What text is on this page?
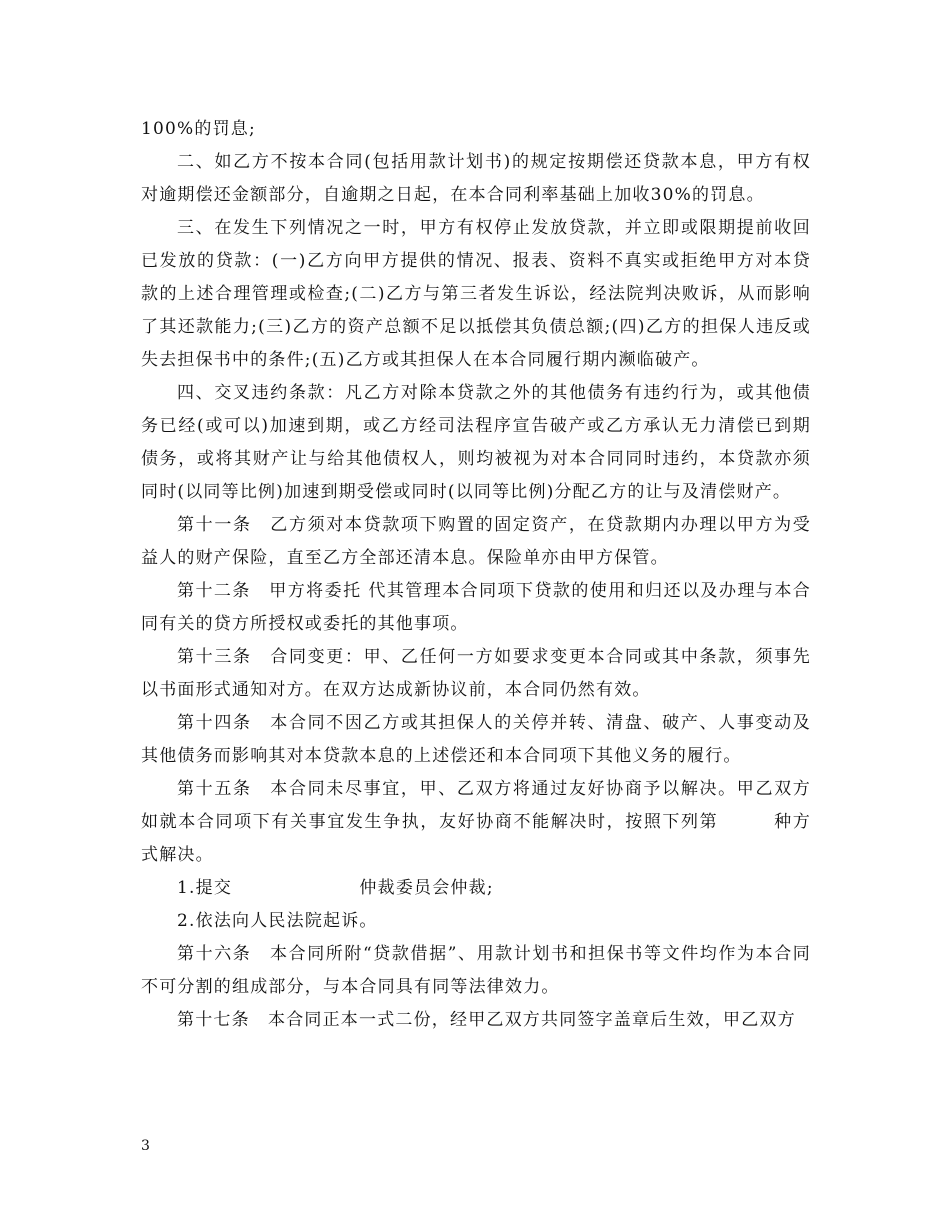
100%的罚息;

二、如乙方不按本合同(包括用款计划书)的规定按期偿还贷款本息，甲方有权对逾期偿还金额部分，自逾期之日起，在本合同利率基础上加收30%的罚息。

三、在发生下列情况之一时，甲方有权停止发放贷款，并立即或限期提前收回已发放的贷款：(一)乙方向甲方提供的情况、报表、资料不真实或拒绝甲方对本贷款的上述合理管理或检查;(二)乙方与第三者发生诉讼，经法院判决败诉，从而影响了其还款能力;(三)乙方的资产总额不足以抵偿其负债总额;(四)乙方的担保人违反或失去担保书中的条件;(五)乙方或其担保人在本合同履行期内濒临破产。

四、交叉违约条款：凡乙方对除本贷款之外的其他债务有违约行为，或其他债务已经(或可以)加速到期，或乙方经司法程序宣告破产或乙方承认无力清偿已到期债务，或将其财产让与给其他债权人，则均被视为对本合同同时违约，本贷款亦须同时(以同等比例)加速到期受偿或同时(以同等比例)分配乙方的让与及清偿财产。

第十一条　乙方须对本贷款项下购置的固定资产，在贷款期内办理以甲方为受益人的财产保险，直至乙方全部还清本息。保险单亦由甲方保管。

第十二条　甲方将委托 代其管理本合同项下贷款的使用和归还以及办理与本合同有关的贷方所授权或委托的其他事项。

第十三条　合同变更：甲、乙任何一方如要求变更本合同或其中条款，须事先以书面形式通知对方。在双方达成新协议前，本合同仍然有效。

第十四条　本合同不因乙方或其担保人的关停并转、清盘、破产、人事变动及其他债务而影响其对本贷款本息的上述偿还和本合同项下其他义务的履行。

第十五条　本合同未尽事宜，甲、乙双方将通过友好协商予以解决。甲乙双方如就本合同项下有关事宜发生争执，友好协商不能解决时，按照下列第　　　种方式解决。

1.提交　　　　　　　仲裁委员会仲裁;

2.依法向人民法院起诉。

第十六条　本合同所附“贷款借据”、用款计划书和担保书等文件均作为本合同不可分割的组成部分，与本合同具有同等法律效力。

第十七条　本合同正本一式二份，经甲乙双方共同签字盖章后生效，甲乙双方

3
